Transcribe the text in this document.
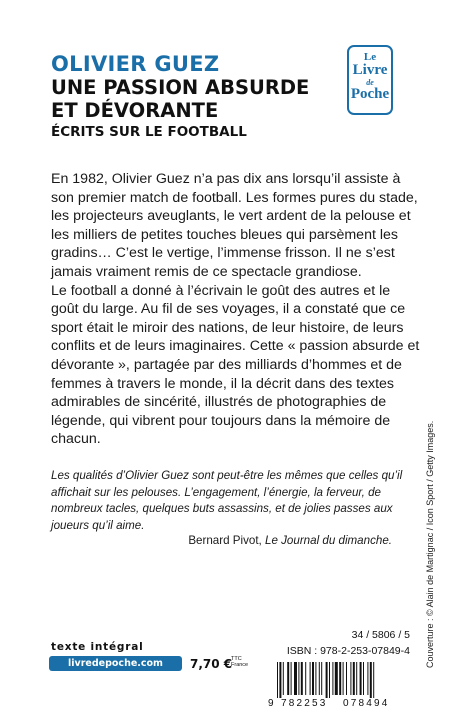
OLIVIER GUEZ
UNE PASSION ABSURDE
ET DÉVORANTE
ÉCRITS SUR LE FOOTBALL
Le
Livre
de
Poche

En 1982, Olivier Guez n’a pas dix ans lorsqu’il assiste à son premier match de football. Les formes pures du stade, les projecteurs aveuglants, le vert ardent de la pelouse et les milliers de petites touches bleues qui parsèment les gradins… C’est le vertige, l’immense frisson. Il ne s’est jamais vraiment remis de ce spectacle grandiose.

Le football a donné à l’écrivain le goût des autres et le goût du large. Au fil de ses voyages, il a constaté que ce sport était le miroir des nations, de leur histoire, de leurs conflits et de leurs imaginaires. Cette « passion absurde et dévorante », partagée par des milliards d’hommes et de femmes à travers le monde, il la décrit dans des textes admirables de sincérité, illustrés de photographies de légende, qui vibrent pour toujours dans la mémoire de chacun.

Les qualités d’Olivier Guez sont peut-être les mêmes que celles qu’il affichait sur les pelouses. L’engagement, l’énergie, la ferveur, de nombreux tacles, quelques buts assassins, et de jolies passes aux joueurs qu’il aime.

Bernard Pivot, Le Journal du dimanche.	Couverture : © Alain de Martignac / Icon Sport / Getty Images.

texte intégral

livredepoche.com	7,70 €

TTC
France

34 / 5806 / 5

ISBN : 978-2-253-07849-4

9 782253 078494
